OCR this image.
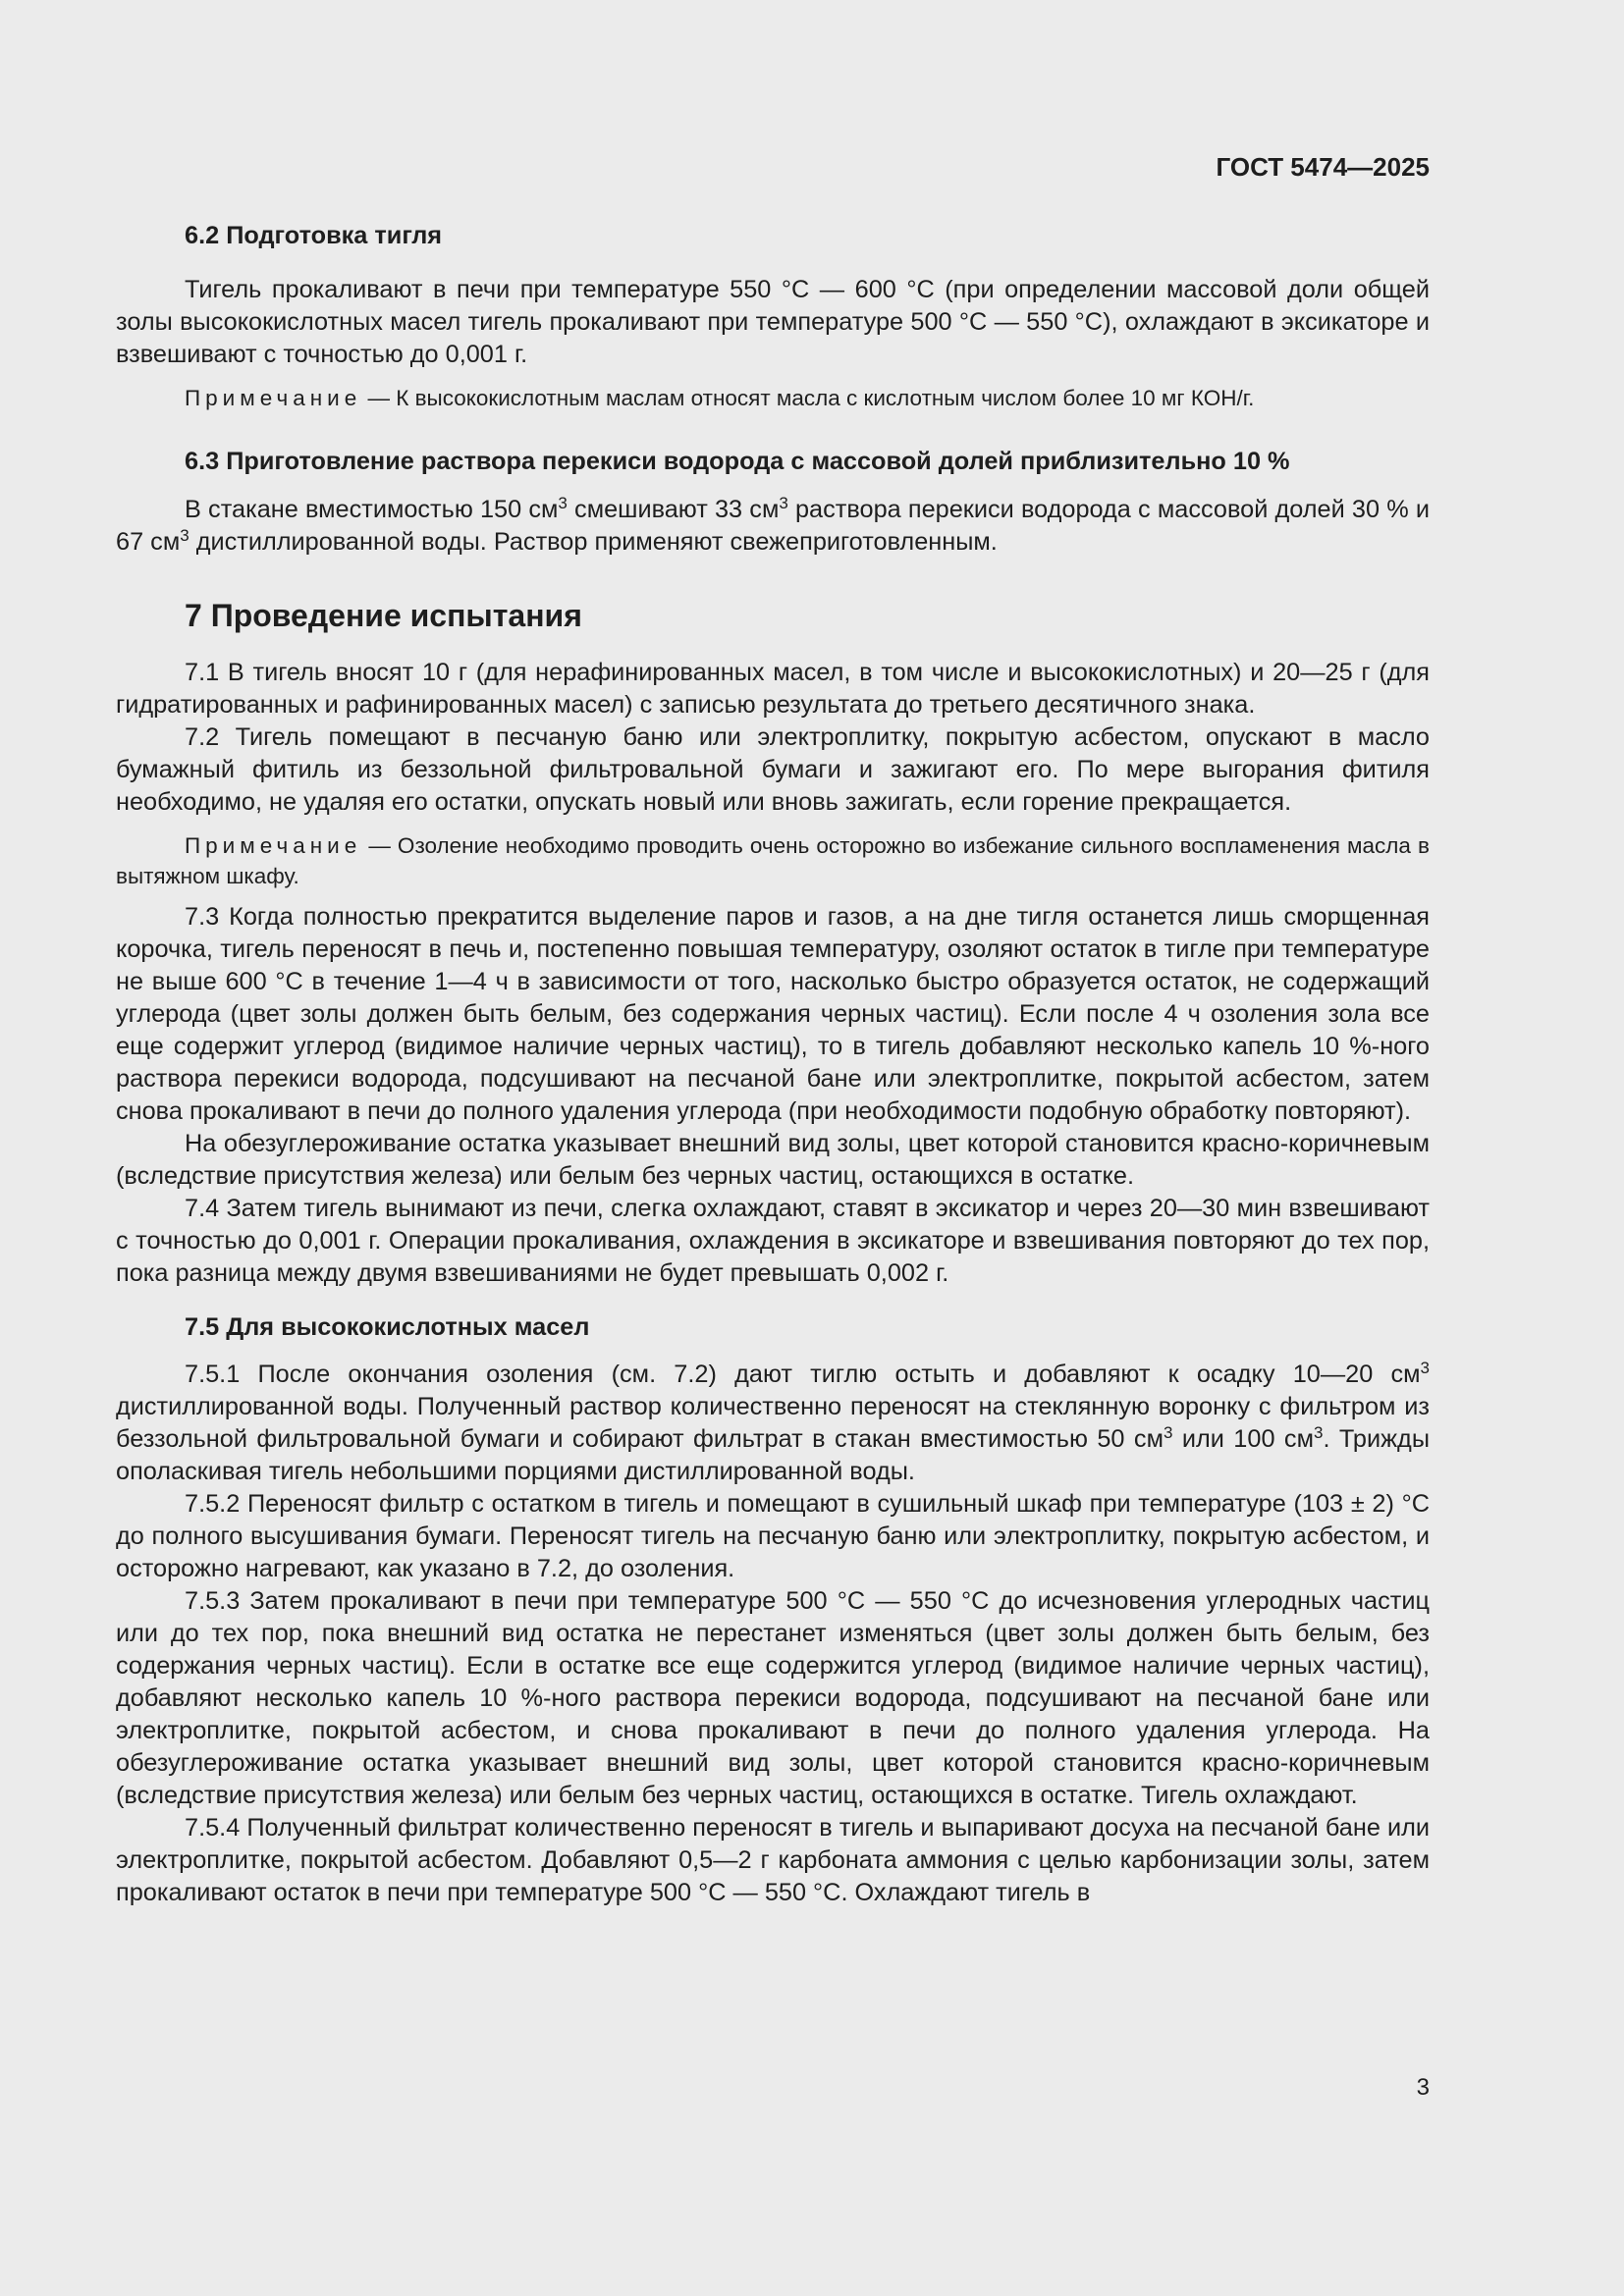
ГОСТ 5474—2025

6.2 Подготовка тигля

Тигель прокаливают в печи при температуре 550 °С — 600 °С (при определении массовой доли общей золы высококислотных масел тигель прокаливают при температуре 500 °С — 550 °С), охлаждают в эксикаторе и взвешивают с точностью до 0,001 г.

Примечание — К высококислотным маслам относят масла с кислотным числом более 10 мг КОН/г.

6.3 Приготовление раствора перекиси водорода с массовой долей приблизительно 10 %

В стакане вместимостью 150 $см^3$ смешивают 33 $см^3$ раствора перекиси водорода с массовой долей 30 % и 67 $см^3$ дистиллированной воды. Раствор применяют свежеприготовленным.

7 Проведение испытания

7.1 В тигель вносят 10 г (для нерафинированных масел, в том числе и высококислотных) и 20—25 г (для гидратированных и рафинированных масел) с записью результата до третьего десятичного знака.

7.2 Тигель помещают в песчаную баню или электроплитку, покрытую асбестом, опускают в масло бумажный фитиль из беззольной фильтровальной бумаги и зажигают его. По мере выгорания фитиля необходимо, не удаляя его остатки, опускать новый или вновь зажигать, если горение прекращается.

Примечание — Озоление необходимо проводить очень осторожно во избежание сильного воспламенения масла в вытяжном шкафу.

7.3 Когда полностью прекратится выделение паров и газов, а на дне тигля останется лишь сморщенная корочка, тигель переносят в печь и, постепенно повышая температуру, озоляют остаток в тигле при температуре не выше 600 °С в течение 1—4 ч в зависимости от того, насколько быстро образуется остаток, не содержащий углерода (цвет золы должен быть белым, без содержания черных частиц). Если после 4 ч озоления зола все еще содержит углерод (видимое наличие черных частиц), то в тигель добавляют несколько капель 10 %-ного раствора перекиси водорода, подсушивают на песчаной бане или электроплитке, покрытой асбестом, затем снова прокаливают в печи до полного удаления углерода (при необходимости подобную обработку повторяют).

На обезуглероживание остатка указывает внешний вид золы, цвет которой становится красно-коричневым (вследствие присутствия железа) или белым без черных частиц, остающихся в остатке.

7.4 Затем тигель вынимают из печи, слегка охлаждают, ставят в эксикатор и через 20—30 мин взвешивают с точностью до 0,001 г. Операции прокаливания, охлаждения в эксикаторе и взвешивания повторяют до тех пор, пока разница между двумя взвешиваниями не будет превышать 0,002 г.

7.5 Для высококислотных масел

7.5.1 После окончания озоления (см. 7.2) дают тиглю остыть и добавляют к осадку 10—20 $см^3$ дистиллированной воды. Полученный раствор количественно переносят на стеклянную воронку с фильтром из беззольной фильтровальной бумаги и собирают фильтрат в стакан вместимостью 50 $см^3$ или 100 $см^3$. Трижды ополаскивая тигель небольшими порциями дистиллированной воды.

7.5.2 Переносят фильтр с остатком в тигель и помещают в сушильный шкаф при температуре (103 ± 2) °С до полного высушивания бумаги. Переносят тигель на песчаную баню или электроплитку, покрытую асбестом, и осторожно нагревают, как указано в 7.2, до озоления.

7.5.3 Затем прокаливают в печи при температуре 500 °С — 550 °С до исчезновения углеродных частиц или до тех пор, пока внешний вид остатка не перестанет изменяться (цвет золы должен быть белым, без содержания черных частиц). Если в остатке все еще содержится углерод (видимое наличие черных частиц), добавляют несколько капель 10 %-ного раствора перекиси водорода, подсушивают на песчаной бане или электроплитке, покрытой асбестом, и снова прокаливают в печи до полного удаления углерода. На обезуглероживание остатка указывает внешний вид золы, цвет которой становится красно-коричневым (вследствие присутствия железа) или белым без черных частиц, остающихся в остатке. Тигель охлаждают.

7.5.4 Полученный фильтрат количественно переносят в тигель и выпаривают досуха на песчаной бане или электроплитке, покрытой асбестом. Добавляют 0,5—2 г карбоната аммония с целью карбонизации золы, затем прокаливают остаток в печи при температуре 500 °С — 550 °С. Охлаждают тигель в

3
